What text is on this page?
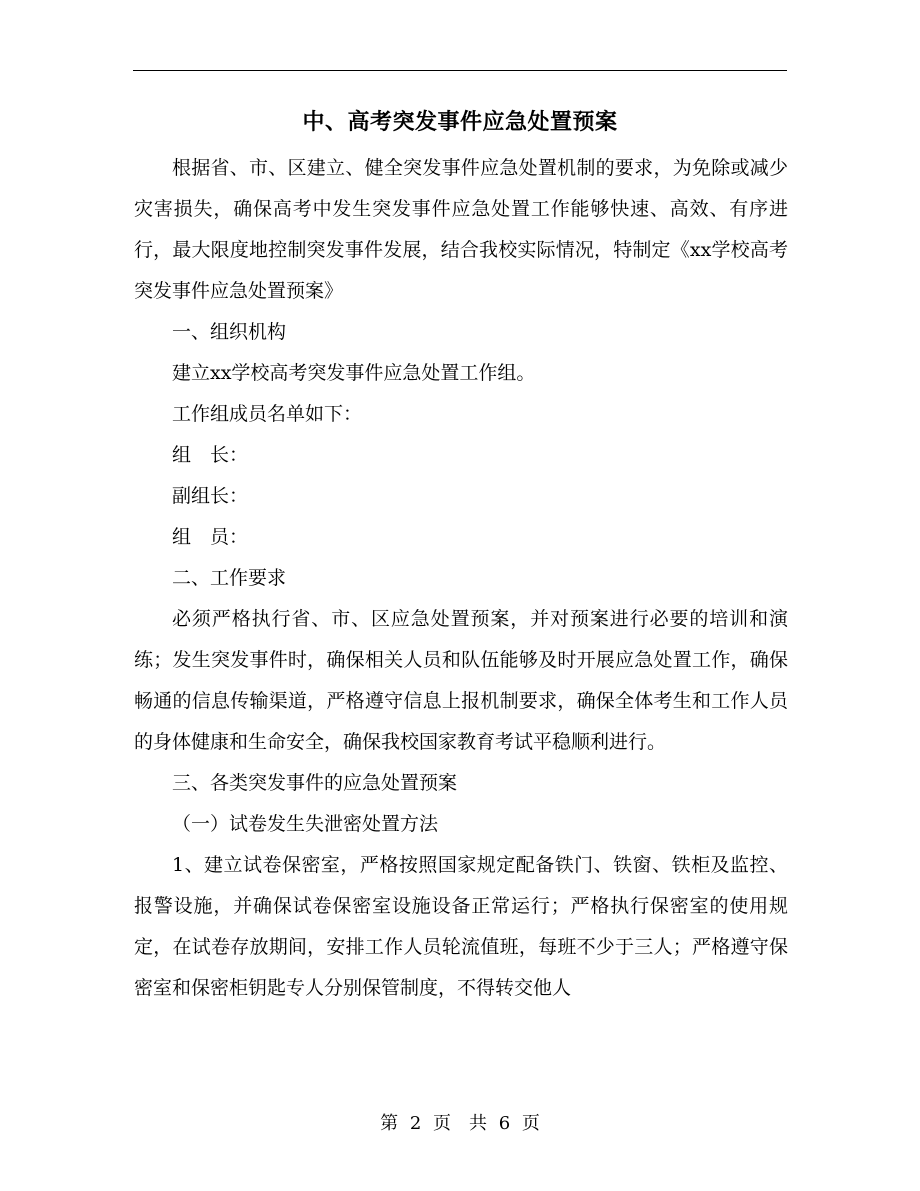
中、高考突发事件应急处置预案

根据省、市、区建立、健全突发事件应急处置机制的要求，为免除或减少灾害损失，确保高考中发生突发事件应急处置工作能够快速、高效、有序进行，最大限度地控制突发事件发展，结合我校实际情况，特制定《xx学校高考突发事件应急处置预案》

一、组织机构

建立xx学校高考突发事件应急处置工作组。

工作组成员名单如下：

组　长：

副组长：

组　员：

二、工作要求

必须严格执行省、市、区应急处置预案，并对预案进行必要的培训和演练；发生突发事件时，确保相关人员和队伍能够及时开展应急处置工作，确保畅通的信息传输渠道，严格遵守信息上报机制要求，确保全体考生和工作人员的身体健康和生命安全，确保我校国家教育考试平稳顺利进行。

三、各类突发事件的应急处置预案

（一）试卷发生失泄密处置方法

1、建立试卷保密室，严格按照国家规定配备铁门、铁窗、铁柜及监控、报警设施，并确保试卷保密室设施设备正常运行；严格执行保密室的使用规定，在试卷存放期间，安排工作人员轮流值班，每班不少于三人；严格遵守保密室和保密柜钥匙专人分别保管制度，不得转交他人

第 2 页　共 6 页
